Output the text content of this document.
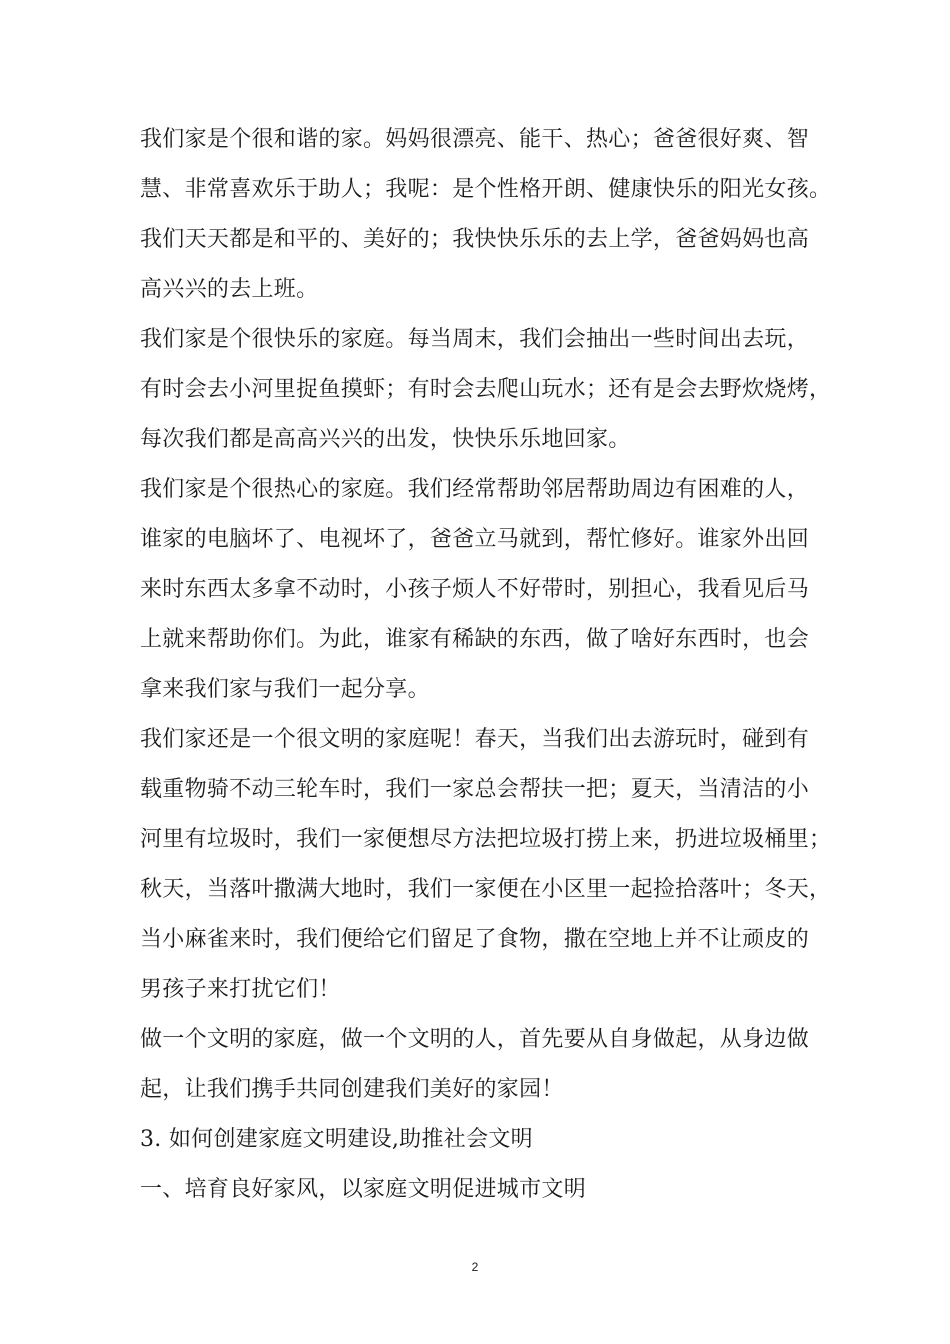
我们家是个很和谐的家。妈妈很漂亮、能干、热心；爸爸很好爽、智
慧、非常喜欢乐于助人；我呢：是个性格开朗、健康快乐的阳光女孩。
我们天天都是和平的、美好的；我快快乐乐的去上学，爸爸妈妈也高
高兴兴的去上班。
我们家是个很快乐的家庭。每当周末，我们会抽出一些时间出去玩，
有时会去小河里捉鱼摸虾；有时会去爬山玩水；还有是会去野炊烧烤，
每次我们都是高高兴兴的出发，快快乐乐地回家。
我们家是个很热心的家庭。我们经常帮助邻居帮助周边有困难的人，
谁家的电脑坏了、电视坏了，爸爸立马就到，帮忙修好。谁家外出回
来时东西太多拿不动时，小孩子烦人不好带时，别担心，我看见后马
上就来帮助你们。为此，谁家有稀缺的东西，做了啥好东西时，也会
拿来我们家与我们一起分享。
我们家还是一个很文明的家庭呢！春天，当我们出去游玩时，碰到有
载重物骑不动三轮车时，我们一家总会帮扶一把；夏天，当清洁的小
河里有垃圾时，我们一家便想尽方法把垃圾打捞上来，扔进垃圾桶里；
秋天，当落叶撒满大地时，我们一家便在小区里一起捡拾落叶；冬天，
当小麻雀来时，我们便给它们留足了食物，撒在空地上并不让顽皮的
男孩子来打扰它们！
做一个文明的家庭，做一个文明的人，首先要从自身做起，从身边做
起，让我们携手共同创建我们美好的家园！
3. 如何创建家庭文明建设,助推社会文明
一、培育良好家风，以家庭文明促进城市文明
2
